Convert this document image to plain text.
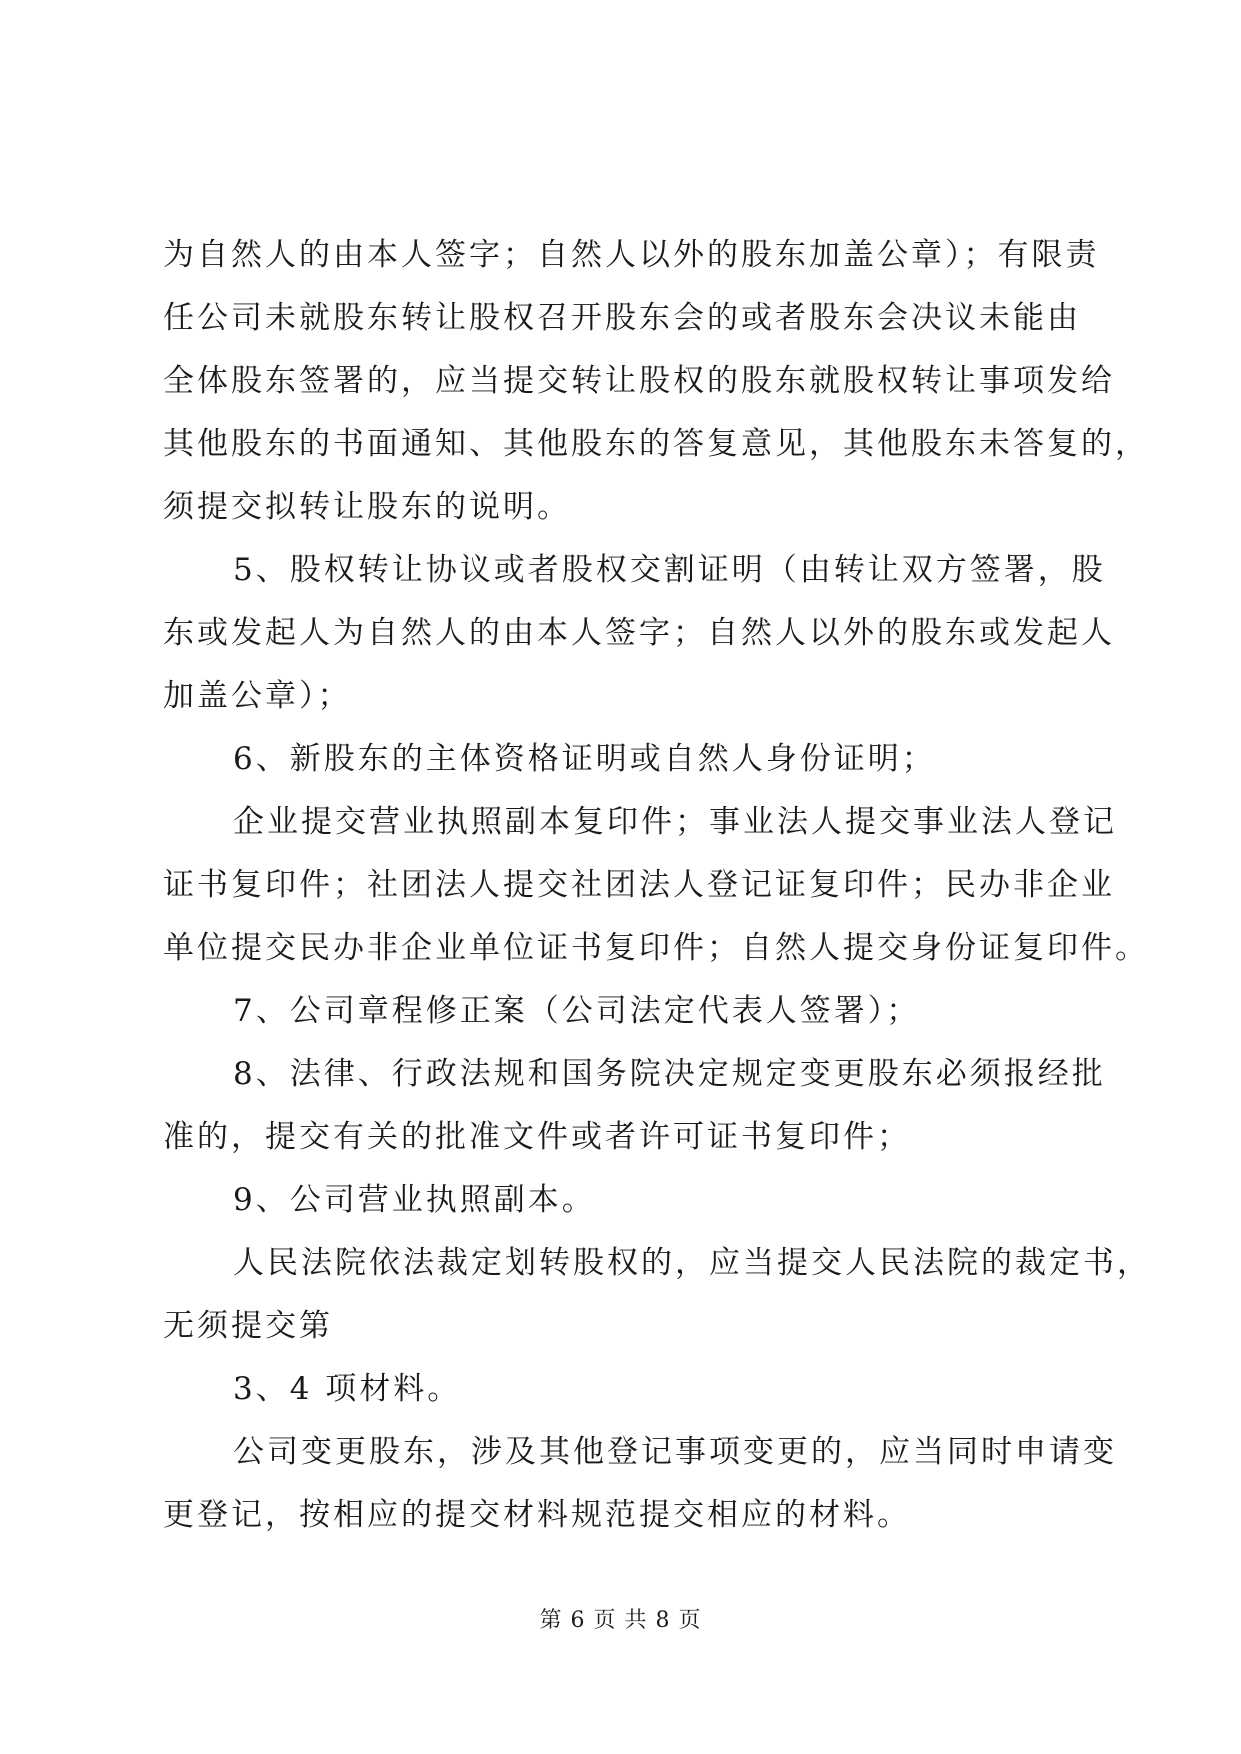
为自然人的由本人签字；自然人以外的股东加盖公章）；有限责
任公司未就股东转让股权召开股东会的或者股东会决议未能由
全体股东签署的，应当提交转让股权的股东就股权转让事项发给
其他股东的书面通知、其他股东的答复意见，其他股东未答复的，
须提交拟转让股东的说明。
5、股权转让协议或者股权交割证明（由转让双方签署，股
东或发起人为自然人的由本人签字；自然人以外的股东或发起人
加盖公章）；
6、新股东的主体资格证明或自然人身份证明；
企业提交营业执照副本复印件；事业法人提交事业法人登记
证书复印件；社团法人提交社团法人登记证复印件；民办非企业
单位提交民办非企业单位证书复印件；自然人提交身份证复印件。
7、公司章程修正案（公司法定代表人签署）；
8、法律、行政法规和国务院决定规定变更股东必须报经批
准的，提交有关的批准文件或者许可证书复印件；
9、公司营业执照副本。
人民法院依法裁定划转股权的，应当提交人民法院的裁定书，
无须提交第
3、4 项材料。
公司变更股东，涉及其他登记事项变更的，应当同时申请变
更登记，按相应的提交材料规范提交相应的材料。
第 6 页 共 8 页
